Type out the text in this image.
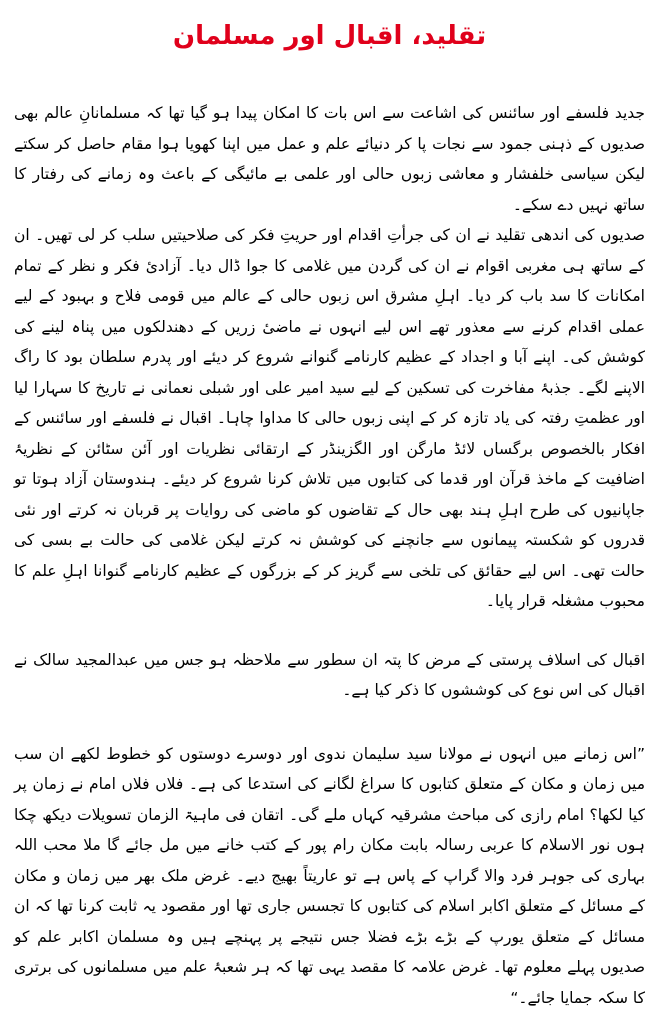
تقلید، اقبال اور مسلمان

جدید فلسفے اور سائنس کی اشاعت سے اس بات کا امکان پیدا ہو گیا تھا کہ مسلمانانِ عالم بھی صدیوں کے ذہنی جمود سے نجات پا کر دنیائے علم و عمل میں اپنا کھویا ہوا مقام حاصل کر سکتے لیکن سیاسی خلفشار و معاشی زبوں حالی اور علمی بے مائیگی کے باعث وہ زمانے کی رفتار کا ساتھ نہیں دے سکے۔

صدیوں کی اندھی تقلید نے ان کی جرأتِ اقدام اور حریتِ فکر کی صلاحیتیں سلب کر لی تھیں۔ ان کے ساتھ ہی مغربی اقوام نے ان کی گردن میں غلامی کا جوا ڈال دیا۔ آزادیٔ فکر و نظر کے تمام امکانات کا سد باب کر دیا۔ اہلِ مشرق اس زبوں حالی کے عالم میں قومی فلاح و بہبود کے لیے عملی اقدام کرنے سے معذور تھے اس لیے انہوں نے ماضیٔ زریں کے دھندلکوں میں پناہ لینے کی کوشش کی۔ اپنے آبا و اجداد کے عظیم کارنامے گنوانے شروع کر دیئے اور پدرم سلطان بود کا راگ الاپنے لگے۔ جذبۂ مفاخرت کی تسکین کے لیے سید امیر علی اور شبلی نعمانی نے تاریخ کا سہارا لیا اور عظمتِ رفتہ کی یاد تازہ کر کے اپنی زبوں حالی کا مداوا چاہا۔ اقبال نے فلسفے اور سائنس کے افکار بالخصوص برگساں لائڈ مارگن اور الگزینڈر کے ارتقائی نظریات اور آئن سٹائن کے نظریۂ اضافیت کے ماخذ قرآن اور قدما کی کتابوں میں تلاش کرنا شروع کر دیئے۔ ہندوستان آزاد ہوتا تو جاپانیوں کی طرح اہلِ ہند بھی حال کے تقاضوں کو ماضی کی روایات پر قربان نہ کرتے اور نئی قدروں کو شکستہ پیمانوں سے جانچنے کی کوشش نہ کرتے لیکن غلامی کی حالت بے بسی کی حالت تھی۔ اس لیے حقائق کی تلخی سے گریز کر کے بزرگوں کے عظیم کارنامے گنوانا اہلِ علم کا محبوب مشغلہ قرار پایا۔

اقبال کی اسلاف پرستی کے مرض کا پتہ ان سطور سے ملاحظہ ہو جس میں عبدالمجید سالک نے اقبال کی اس نوع کی کوششوں کا ذکر کیا ہے۔

”اس زمانے میں انہوں نے مولانا سید سلیمان ندوی اور دوسرے دوستوں کو خطوط لکھے ان سب میں زمان و مکان کے متعلق کتابوں کا سراغ لگانے کی استدعا کی ہے۔ فلاں فلاں امام نے زمان پر کیا لکھا؟ امام رازی کی مباحث مشرقیہ کہاں ملے گی۔ اتقان فی ماہیۃ الزمان تسویلات دیکھ چکا ہوں نور الاسلام کا عربی رسالہ بابت مکان رام پور کے کتب خانے میں مل جائے گا ملا محب اللہ بہاری کی جوہر فرد والا گراپ کے پاس ہے تو عاریتاً بھیج دیے۔ غرض ملک بھر میں زمان و مکان کے مسائل کے متعلق اکابر اسلام کی کتابوں کا تجسس جاری تھا اور مقصود یہ ثابت کرنا تھا کہ ان مسائل کے متعلق یورپ کے بڑے بڑے فضلا جس نتیجے پر پہنچے ہیں وہ مسلمان اکابر علم کو صدیوں پہلے معلوم تھا۔ غرض علامہ کا مقصد یہی تھا کہ ہر شعبۂ علم میں مسلمانوں کی برتری کا سکہ جمایا جائے۔“
